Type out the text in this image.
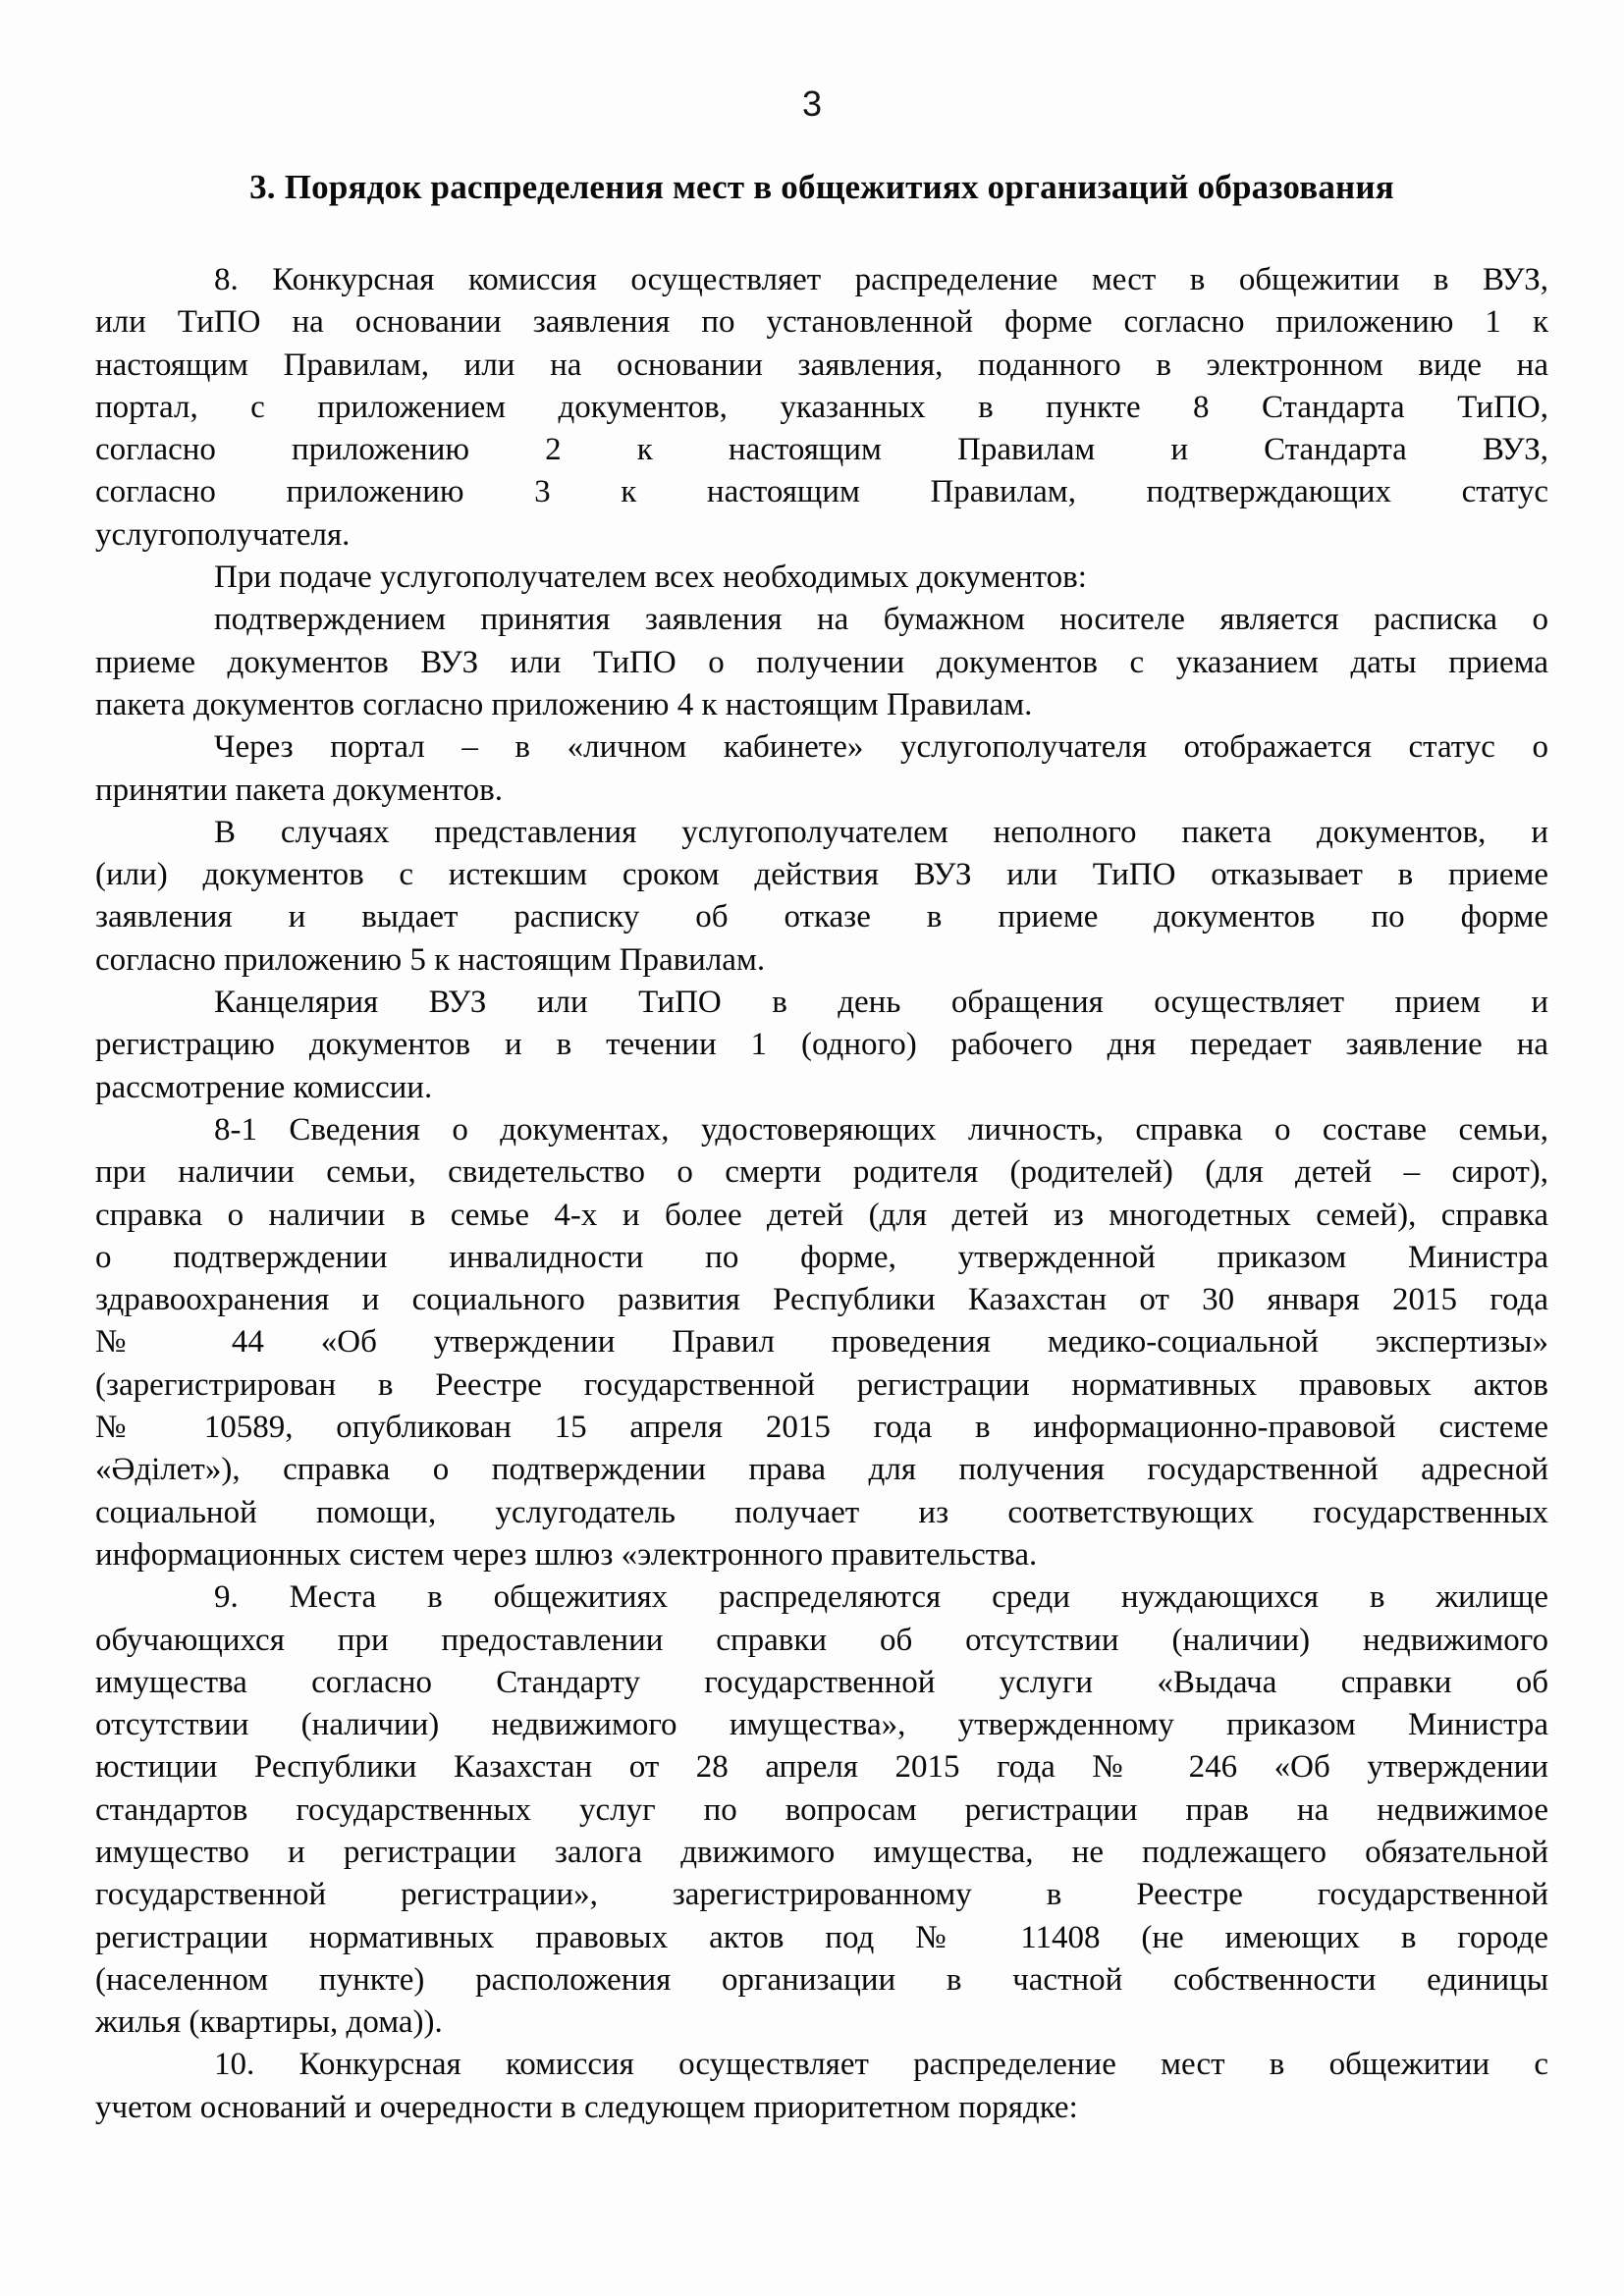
3
3. Порядок распределения мест в общежитиях организаций образования
8. Конкурсная комиссия осуществляет распределение мест в общежитии в ВУЗ,
или ТиПО на основании заявления по установленной форме согласно приложению 1 к
настоящим Правилам, или на основании заявления, поданного в электронном виде на
портал, с приложением документов, указанных в пункте 8 Стандарта ТиПО,
согласно приложению 2 к настоящим Правилам и Стандарта ВУЗ,
согласно приложению 3 к настоящим Правилам, подтверждающих статус
услугополучателя.
При подаче услугополучателем всех необходимых документов:
подтверждением принятия заявления на бумажном носителе является расписка о
приеме документов ВУЗ или ТиПО о получении документов с указанием даты приема
пакета документов согласно приложению 4 к настоящим Правилам.
Через портал – в «личном кабинете» услугополучателя отображается статус о
принятии пакета документов.
В случаях представления услугополучателем неполного пакета документов, и
(или) документов с истекшим сроком действия ВУЗ или ТиПО отказывает в приеме
заявления и выдает расписку об отказе в приеме документов по форме
согласно приложению 5 к настоящим Правилам.
Канцелярия ВУЗ или ТиПО в день обращения осуществляет прием и
регистрацию документов и в течении 1 (одного) рабочего дня передает заявление на
рассмотрение комиссии.
8-1 Сведения о документах, удостоверяющих личность, справка о составе семьи,
при наличии семьи, свидетельство о смерти родителя (родителей) (для детей – сирот),
справка о наличии в семье 4-х и более детей (для детей из многодетных семей), справка
о подтверждении инвалидности по форме, утвержденной приказом Министра
здравоохранения и социального развития Республики Казахстан от 30 января 2015 года
№ 44 «Об утверждении Правил проведения медико-социальной экспертизы»
(зарегистрирован в Реестре государственной регистрации нормативных правовых актов
№ 10589, опубликован 15 апреля 2015 года в информационно-правовой системе
«Әділет»), справка о подтверждении права для получения государственной адресной
социальной помощи, услугодатель получает из соответствующих государственных
информационных систем через шлюз «электронного правительства.
9. Места в общежитиях распределяются среди нуждающихся в жилище
обучающихся при предоставлении справки об отсутствии (наличии) недвижимого
имущества согласно Стандарту государственной услуги «Выдача справки об
отсутствии (наличии) недвижимого имущества», утвержденному приказом Министра
юстиции Республики Казахстан от 28 апреля 2015 года № 246 «Об утверждении
стандартов государственных услуг по вопросам регистрации прав на недвижимое
имущество и регистрации залога движимого имущества, не подлежащего обязательной
государственной регистрации», зарегистрированному в Реестре государственной
регистрации нормативных правовых актов под № 11408 (не имеющих в городе
(населенном пункте) расположения организации в частной собственности единицы
жилья (квартиры, дома)).
10. Конкурсная комиссия осуществляет распределение мест в общежитии с
учетом оснований и очередности в следующем приоритетном порядке:
